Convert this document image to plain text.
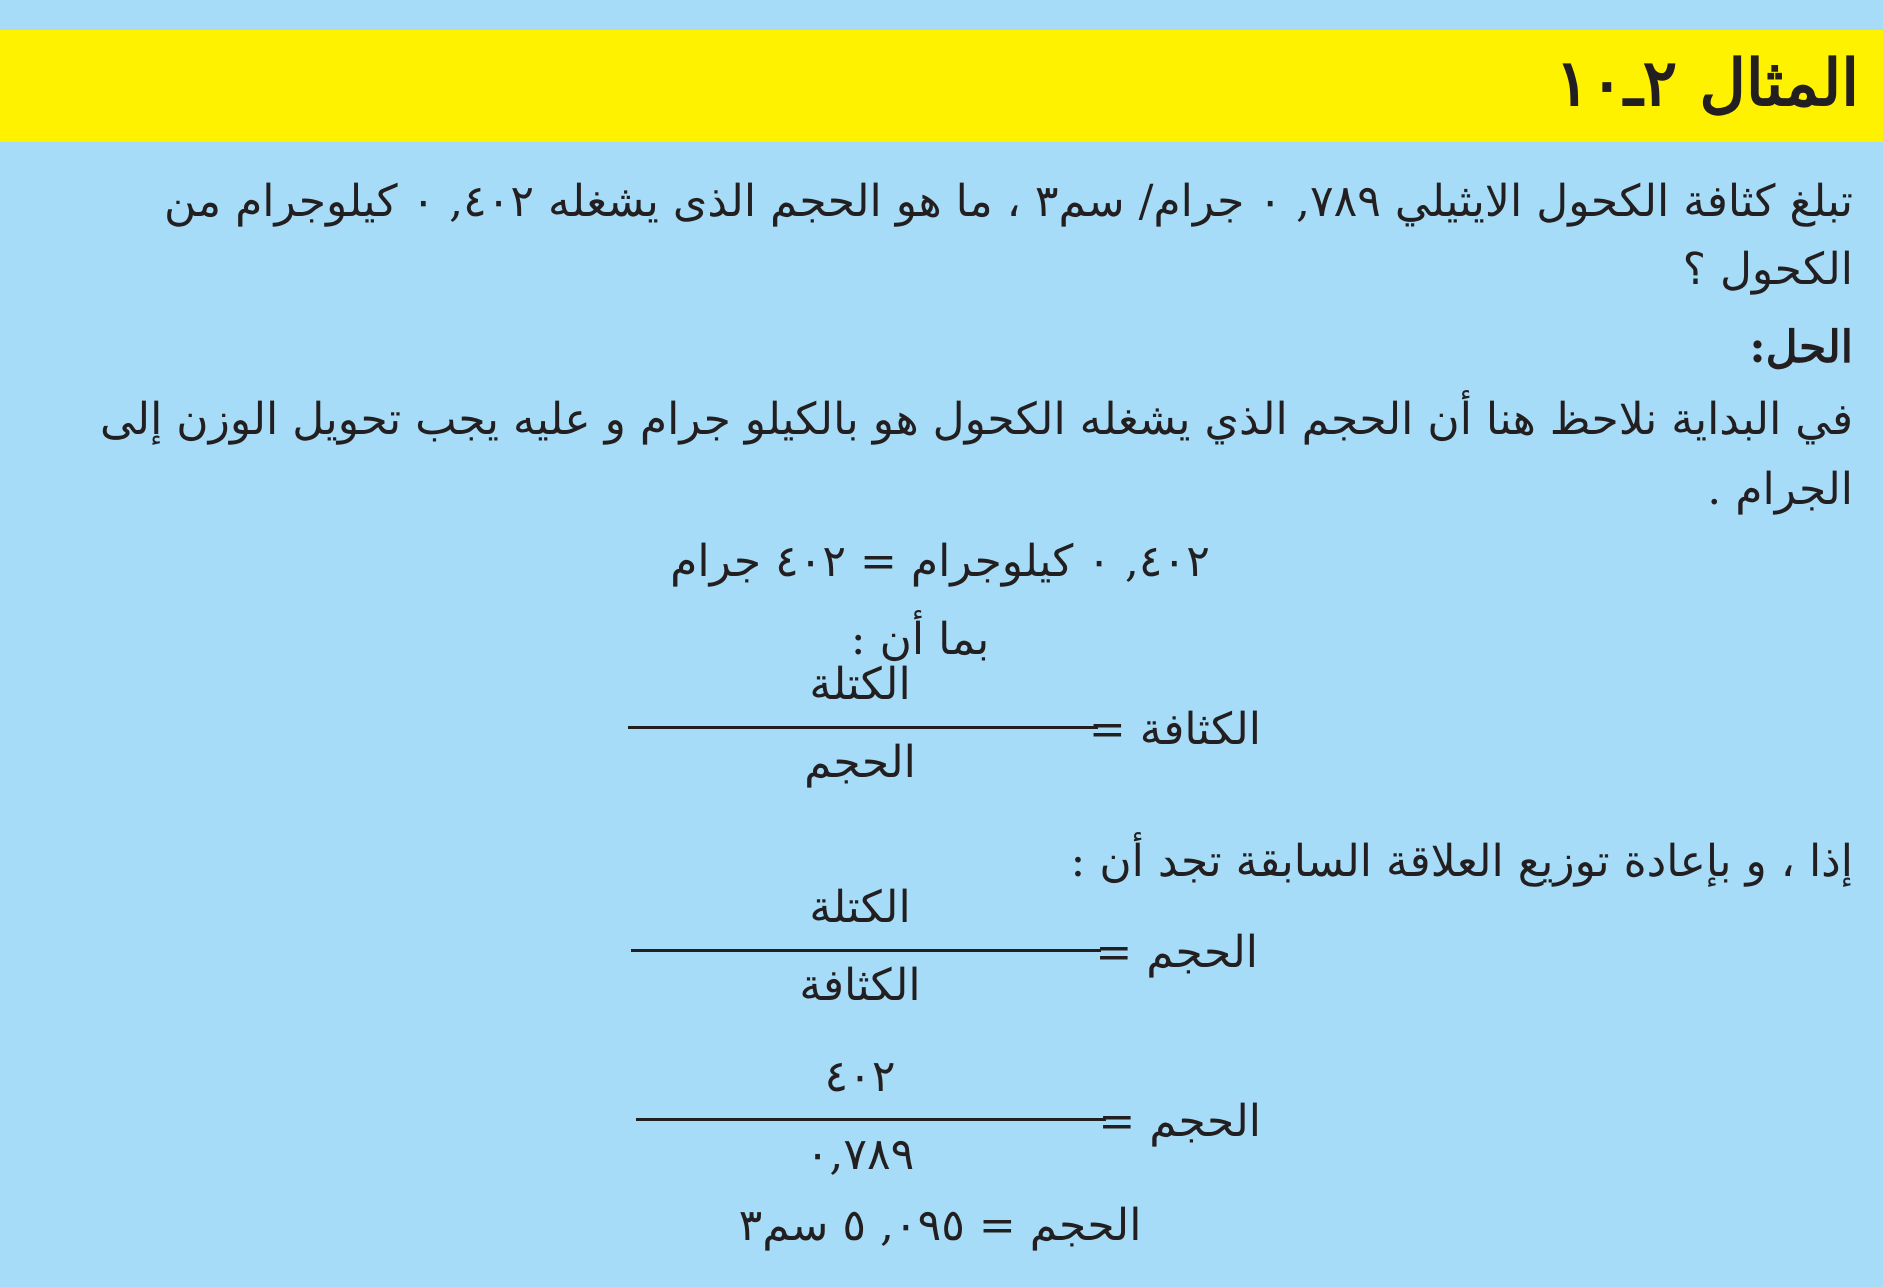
المثال ٢ـ١٠
تبلغ كثافة الكحول الايثيلي ٧٨٩, ٠ جرام/ سم٣ ، ما هو الحجم الذى يشغله ٤٠٢, ٠ كيلوجرام من
الكحول ؟
الحل:
في البداية نلاحظ هنا أن الحجم الذي يشغله الكحول هو بالكيلو جرام و عليه يجب تحويل الوزن إلى
الجرام .
٤٠٢, ٠ كيلوجرام = ٤٠٢ جرام
بما أن :
الكتلة
الحجم
الكثافة =
إذا ، و بإعادة توزيع العلاقة السابقة تجد أن :
الكتلة
الكثافة
الحجم =
٤٠٢
٠,٧٨٩
الحجم =
الحجم = ٠٩٥, ٥ سم٣
